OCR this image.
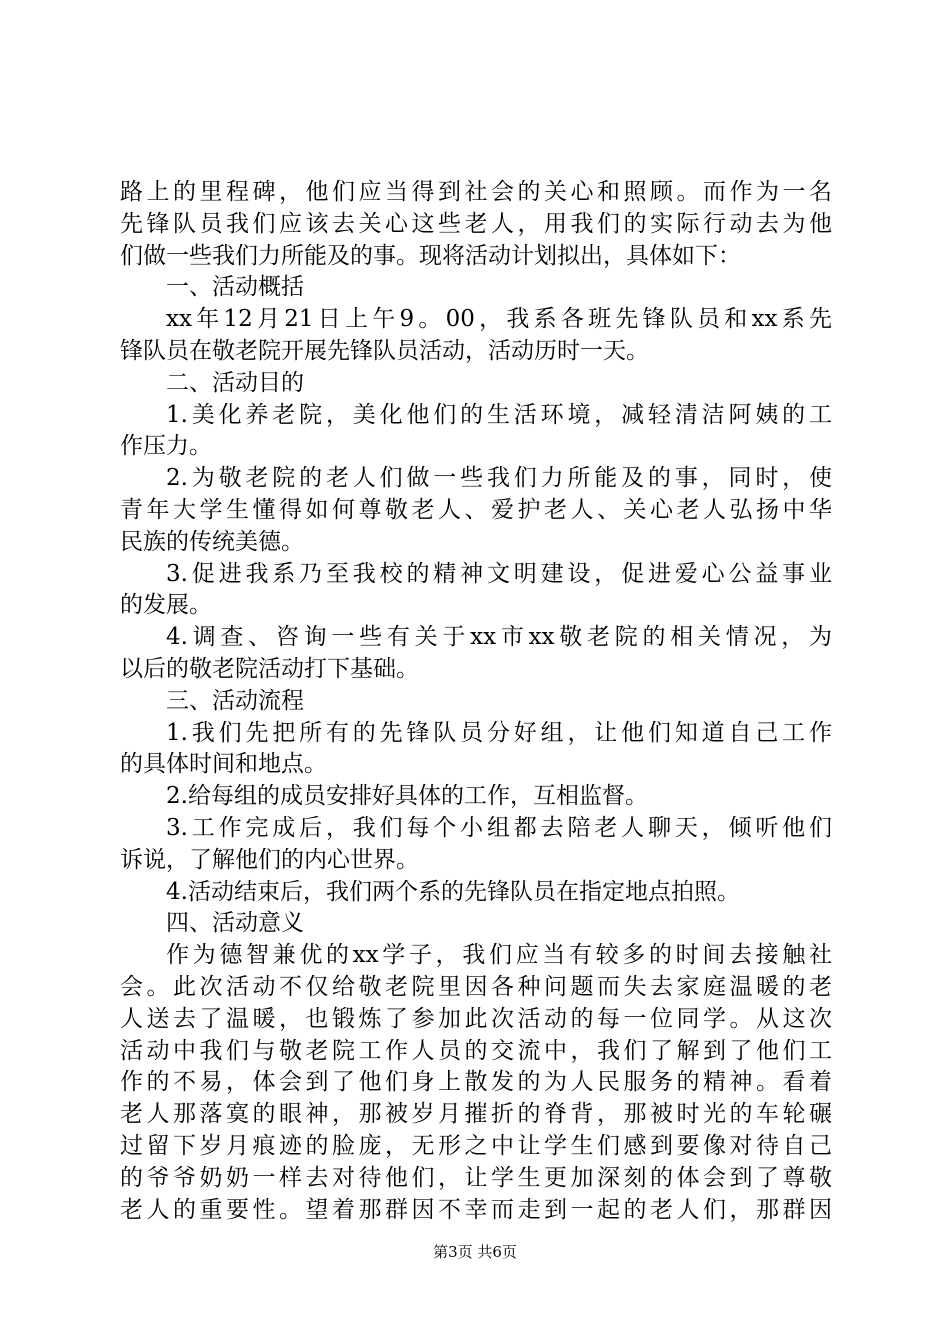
路上的里程碑，他们应当得到社会的关心和照顾。而作为一名
先锋队员我们应该去关心这些老人，用我们的实际行动去为他
们做一些我们力所能及的事。现将活动计划拟出，具体如下：
一、活动概括
xx年12月21日上午9。00，我系各班先锋队员和xx系先
锋队员在敬老院开展先锋队员活动，活动历时一天。
二、活动目的
1.美化养老院，美化他们的生活环境，减轻清洁阿姨的工
作压力。
2.为敬老院的老人们做一些我们力所能及的事，同时，使
青年大学生懂得如何尊敬老人、爱护老人、关心老人弘扬中华
民族的传统美德。
3.促进我系乃至我校的精神文明建设，促进爱心公益事业
的发展。
4.调查、咨询一些有关于xx市xx敬老院的相关情况，为
以后的敬老院活动打下基础。
三、活动流程
1.我们先把所有的先锋队员分好组，让他们知道自己工作
的具体时间和地点。
2.给每组的成员安排好具体的工作，互相监督。
3.工作完成后，我们每个小组都去陪老人聊天，倾听他们
诉说，了解他们的内心世界。
4.活动结束后，我们两个系的先锋队员在指定地点拍照。
四、活动意义
作为德智兼优的xx学子，我们应当有较多的时间去接触社
会。此次活动不仅给敬老院里因各种问题而失去家庭温暖的老
人送去了温暖，也锻炼了参加此次活动的每一位同学。从这次
活动中我们与敬老院工作人员的交流中，我们了解到了他们工
作的不易，体会到了他们身上散发的为人民服务的精神。看着
老人那落寞的眼神，那被岁月摧折的脊背，那被时光的车轮碾
过留下岁月痕迹的脸庞，无形之中让学生们感到要像对待自己
的爷爷奶奶一样去对待他们，让学生更加深刻的体会到了尊敬
老人的重要性。望着那群因不幸而走到一起的老人们，那群因
第3页 共6页
